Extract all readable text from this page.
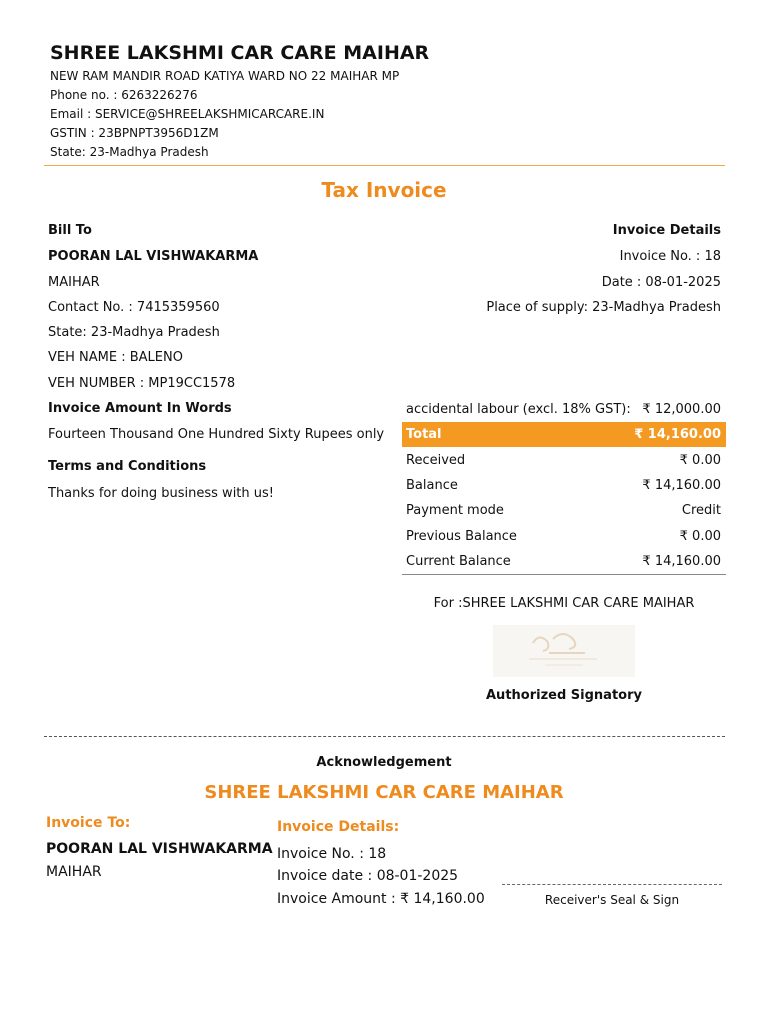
SHREE LAKSHMI CAR CARE MAIHAR
NEW RAM MANDIR ROAD KATIYA WARD NO 22 MAIHAR MP
Phone no. : 6263226276
Email : SERVICE@SHREELAKSHMICARCARE.IN
GSTIN : 23BPNPT3956D1ZM
State: 23-Madhya Pradesh
Tax Invoice
Bill To
POORAN LAL VISHWAKARMA
MAIHAR
Contact No. : 7415359560
State: 23-Madhya Pradesh
VEH NAME : BALENO
VEH NUMBER : MP19CC1578
Invoice Details
Invoice No. : 18
Date : 08-01-2025
Place of supply: 23-Madhya Pradesh
Invoice Amount In Words
Fourteen Thousand One Hundred Sixty Rupees only
Terms and Conditions
Thanks for doing business with us!
accidental labour (excl. 18% GST): ₹ 12,000.00
Total	₹ 14,160.00
Received	₹ 0.00
Balance	₹ 14,160.00
Payment mode	Credit
Previous Balance	₹ 0.00
Current Balance	₹ 14,160.00
For :SHREE LAKSHMI CAR CARE MAIHAR
Authorized Signatory
Acknowledgement
SHREE LAKSHMI CAR CARE MAIHAR
Invoice To:
POORAN LAL VISHWAKARMA
MAIHAR
Invoice Details:
Invoice No. : 18
Invoice date : 08-01-2025
Invoice Amount : ₹ 14,160.00	Receiver's Seal & Sign
